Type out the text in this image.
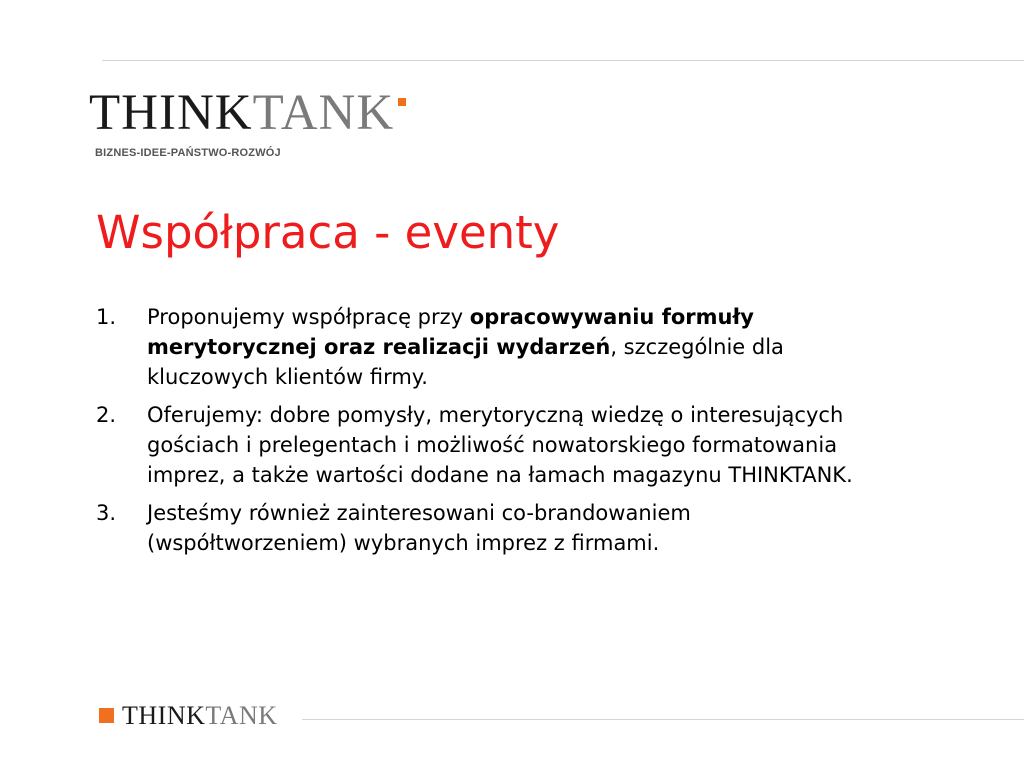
THINKTANK
BIZNES-IDEE-PAŃSTWO-ROZWÓJ
Współpraca - eventy
1. Proponujemy współpracę przy opracowywaniu formuły merytorycznej oraz realizacji wydarzeń, szczególnie dla kluczowych klientów firmy.
2. Oferujemy: dobre pomysły, merytoryczną wiedzę o interesujących gościach i prelegentach i możliwość nowatorskiego formatowania imprez, a także wartości dodane na łamach magazynu THINKTANK.
3. Jesteśmy również zainteresowani co-brandowaniem (współtworzeniem) wybranych imprez z firmami.
THINKTANK
